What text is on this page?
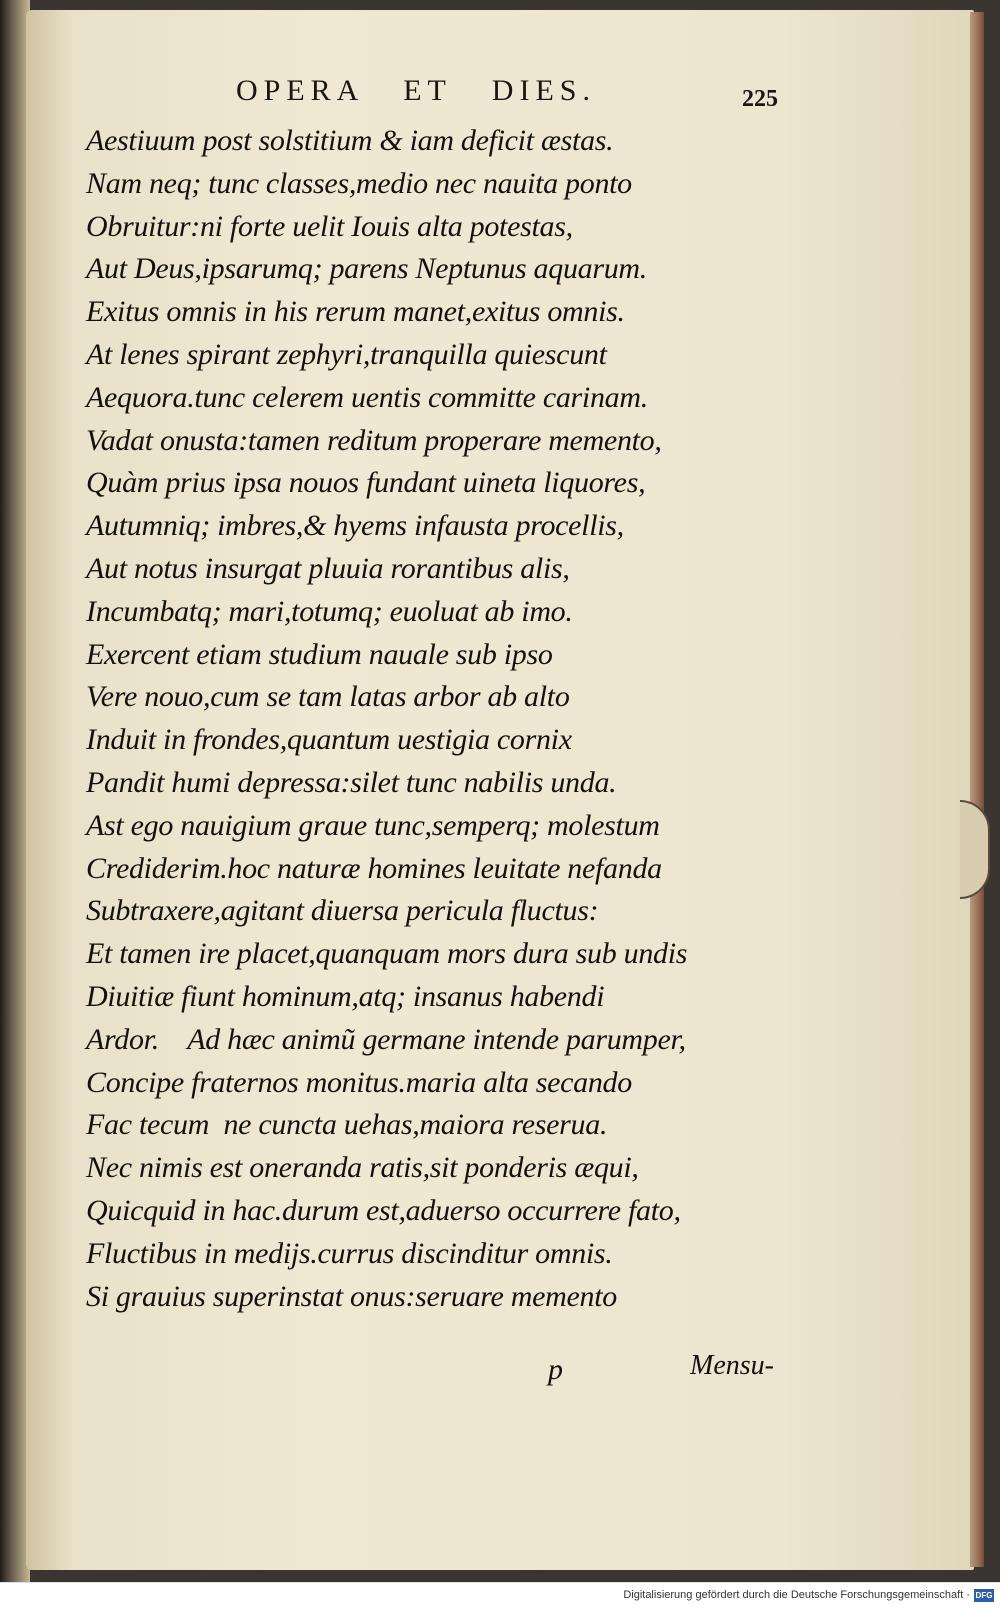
OPERA   ET   DIES.	225
Aestiuum post solstitium & iam deficit æstas.
Nam neq; tunc classes,medio nec nauita ponto
Obruitur:ni forte uelit Iouis alta potestas,
Aut Deus,ipsarumq; parens Neptunus aquarum.
Exitus omnis in his rerum manet,exitus omnis.
At lenes spirant zephyri,tranquilla quiescunt
Aequora.tunc celerem uentis committe carinam.
Vadat onusta:tamen reditum properare memento,
Quàm prius ipsa nouos fundant uineta liquores,
Autumniq; imbres,& hyems infausta procellis,
Aut notus insurgat pluuia rorantibus alis,
Incumbatq; mari,totumq; euoluat ab imo.
Exercent etiam studium nauale sub ipso
Vere nouo,cum se tam latas arbor ab alto
Induit in frondes,quantum uestigia cornix
Pandit humi depressa:silet tunc nabilis unda.
Ast ego nauigium graue tunc,semperq; molestum
Crediderim.hoc naturæ homines leuitate nefanda
Subtraxere,agitant diuersa pericula fluctus:
Et tamen ire placet,quanquam mors dura sub undis
Diuitiæ fiunt hominum,atq; insanus habendi
Ardor.    Ad hæc animũ germane intende parumper,
Concipe fraternos monitus.maria alta secando
Fac tecum  ne cuncta uehas,maiora reserua.
Nec nimis est oneranda ratis,sit ponderis æqui,
Quicquid in hac.durum est,aduerso occurrere fato,
Fluctibus in medijs.currus discinditur omnis.
Si grauius superinstat onus:seruare memento
p	Mensu-
Digitalisierung gefördert durch die Deutsche Forschungsgemeinschaft · DFG
